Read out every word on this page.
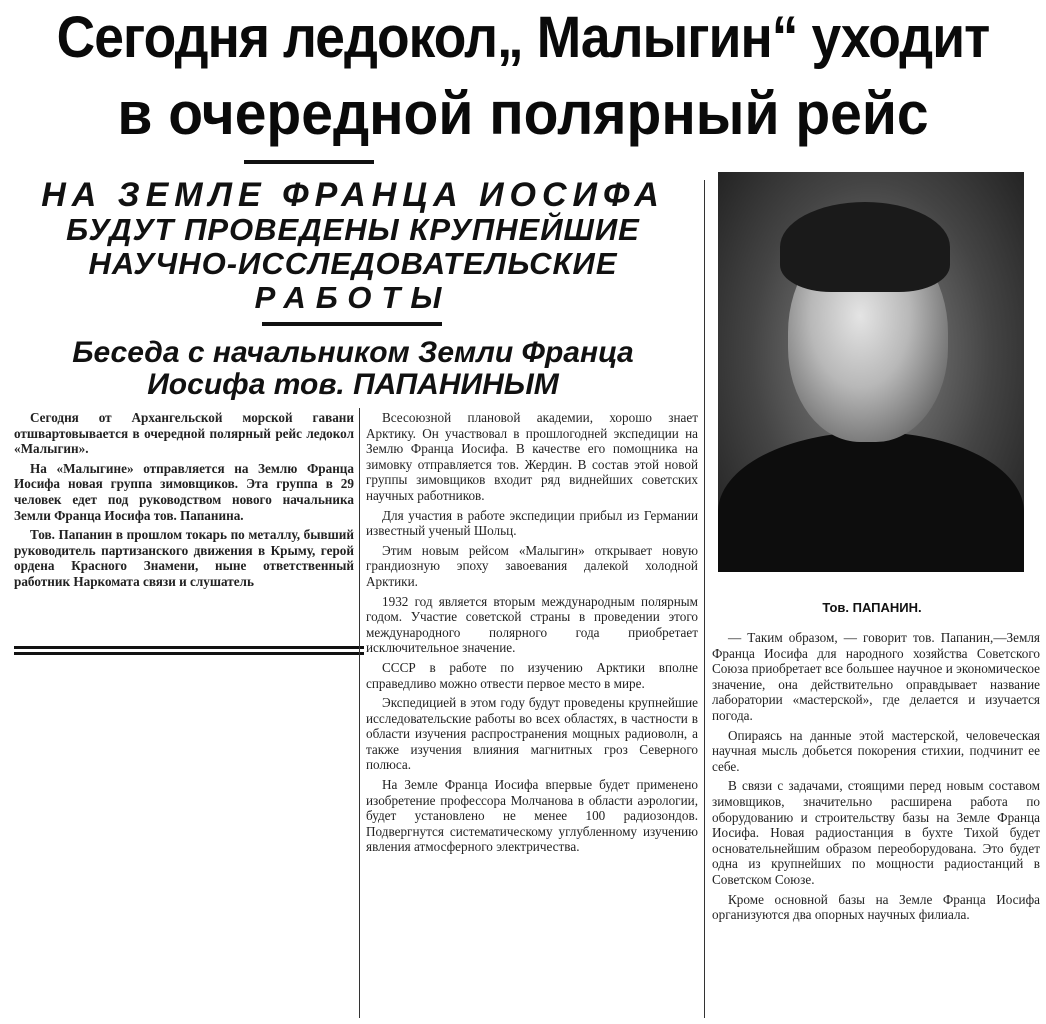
Сегодня ледокол„ Малыгин“ уходит
в очередной полярный рейс
НА ЗЕМЛЕ ФРАНЦА ИОСИФА
БУДУТ ПРОВЕДЕНЫ КРУПНЕЙШИЕ
НАУЧНО-ИССЛЕДОВАТЕЛЬСКИЕ
РАБОТЫ
Беседа с начальником Земли Франца
Иосифа тов. ПАПАНИНЫМ

Сегодня от Архангельской морской гавани отшвартовывается в очередной полярный рейс ледокол «Малыгин».

На «Малыгине» отправляется на Землю Франца Иосифа новая группа зимовщиков. Эта группа в 29 человек едет под руководством нового начальника Земли Франца Иосифа тов. Папанина.

Тов. Папанин в прошлом токарь по металлу, бывший руководитель партизанского движения в Крыму, герой ордена Красного Знамени, ныне ответственный работник Наркомата связи и слушатель

Всесоюзной плановой академии, хорошо знает Арктику. Он участвовал в прошлогодней экспедиции на Землю Франца Иосифа. В качестве его помощника на зимовку отправляется тов. Жердин. В состав этой новой группы зимовщиков входит ряд виднейших советских научных работников.

Для участия в работе экспедиции прибыл из Германии известный ученый Шольц.

Этим новым рейсом «Малыгин» открывает новую грандиозную эпоху завоевания далекой холодной Арктики.

1932 год является вторым международным полярным годом. Участие советской страны в проведении этого международного полярного года приобретает исключительное значение.

СССР в работе по изучению Арктики вполне справедливо можно отвести первое место в мире.

Экспедицией в этом году будут проведены крупнейшие исследовательские работы во всех областях, в частности в области изучения распространения мощных радиоволн, а также изучения влияния магнитных гроз Северного полюса.

На Земле Франца Иосифа впервые будет применено изобретение профессора Молчанова в области аэрологии, будет установлено не менее 100 радиозондов. Подвергнутся систематическому углубленному изучению явления атмосферного электричества.

Тов. ПАПАНИН.

— Таким образом, — говорит тов. Папанин,—Земля Франца Иосифа для народного хозяйства Советского Союза приобретает все большее научное и экономическое значение, она действительно оправдывает название лаборатории «мастерской», где делается и изучается погода.

Опираясь на данные этой мастерской, человеческая научная мысль добьется покорения стихии, подчинит ее себе.

В связи с задачами, стоящими перед новым составом зимовщиков, значительно расширена работа по оборудованию и строительству базы на Земле Франца Иосифа. Новая радиостанция в бухте Тихой будет основательнейшим образом переоборудована. Это будет одна из крупнейших по мощности радиостанций в Советском Союзе.

Кроме основной базы на Земле Франца Иосифа организуются два опорных научных филиала.
